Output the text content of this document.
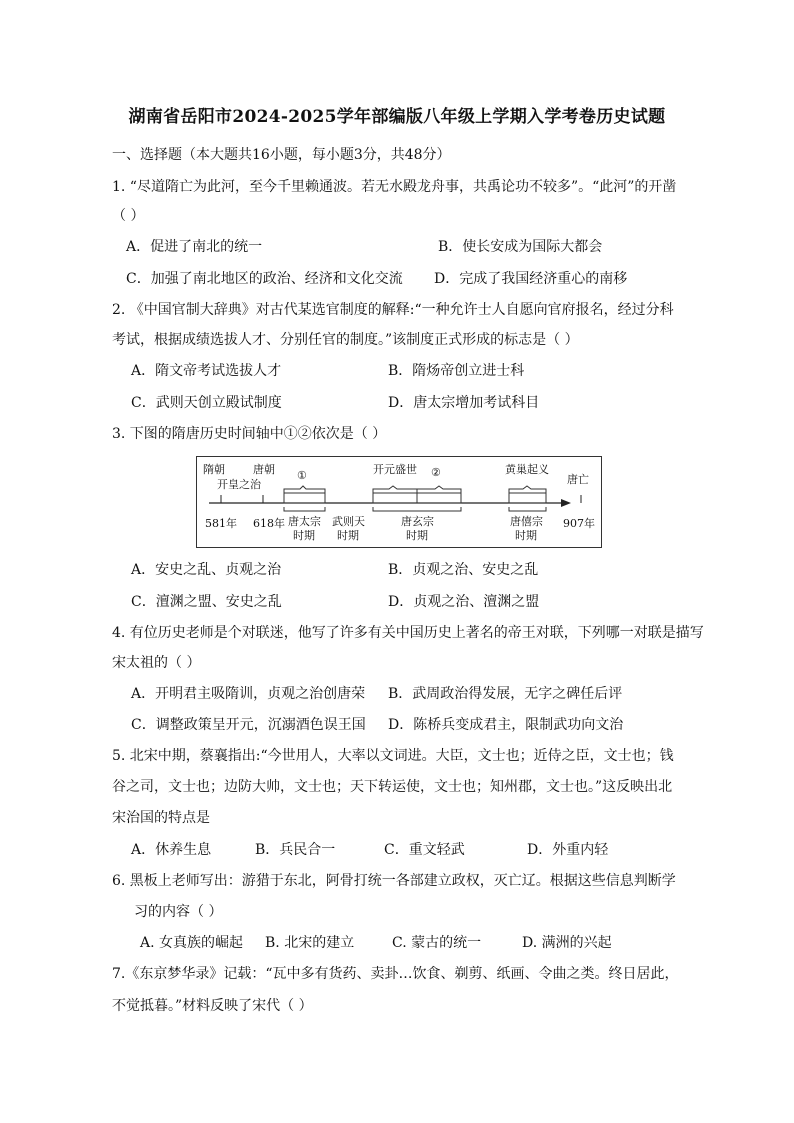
湖南省岳阳市2024-2025学年部编版八年级上学期入学考卷历史试题
一、选择题（本大题共16小题，每小题3分，共48分）
1. “尽道隋亡为此河，至今千里赖通波。若无水殿龙舟事，共禹论功不较多”。“此河”的开凿
（ ）
A．促进了南北的统一	B．使长安成为国际大都会
C．加强了南北地区的政治、经济和文化交流 D．完成了我国经济重心的南移
2. 《中国官制大辞典》对古代某选官制度的解释:“一种允许士人自愿向官府报名，经过分科
考试，根据成绩选拔人才、分别任官的制度。”该制度正式形成的标志是（ ）
A．隋文帝考试选拔人才	B．隋炀帝创立进士科
C．武则天创立殿试制度	D．唐太宗增加考试科目
3. 下图的隋唐历史时间轴中①②依次是（ ）
隋朝	唐朝
开皇之治
①	开元盛世 ②	黄巢起义
唐亡
581年 618年	907年
唐太宗
时期
武则天
时期
唐玄宗
时期
唐僖宗
时期
A．安史之乱、贞观之治	B．贞观之治、安史之乱
C．澶渊之盟、安史之乱	D．贞观之治、澶渊之盟
4. 有位历史老师是个对联迷，他写了许多有关中国历史上著名的帝王对联，下列哪一对联是描写
宋太祖的（ ）
A．开明君主吸隋训，贞观之治创唐荣 B．武周政治得发展，无字之碑任后评
C．调整政策呈开元，沉溺酒色误王国 D．陈桥兵变成君主，限制武功向文治
5. 北宋中期，蔡襄指出:“今世用人，大率以文词进。大臣，文士也；近侍之臣，文士也；钱
谷之司，文士也；边防大帅，文士也；天下转运使，文士也；知州郡，文士也。”这反映出北
宋治国的特点是
A．休养生息	B．兵民合一	C．重文轻武	D．外重内轻
6. 黑板上老师写出：游猎于东北，阿骨打统一各部建立政权，灭亡辽。根据这些信息判断学
习的内容（ ）
A. 女真族的崛起 B. 北宋的建立	C. 蒙古的统一	D. 满洲的兴起
7.《东京梦华录》记载：“瓦中多有货药、卖卦…饮食、剃剪、纸画、令曲之类。终日居此，
不觉抵暮。”材料反映了宋代（ ）
